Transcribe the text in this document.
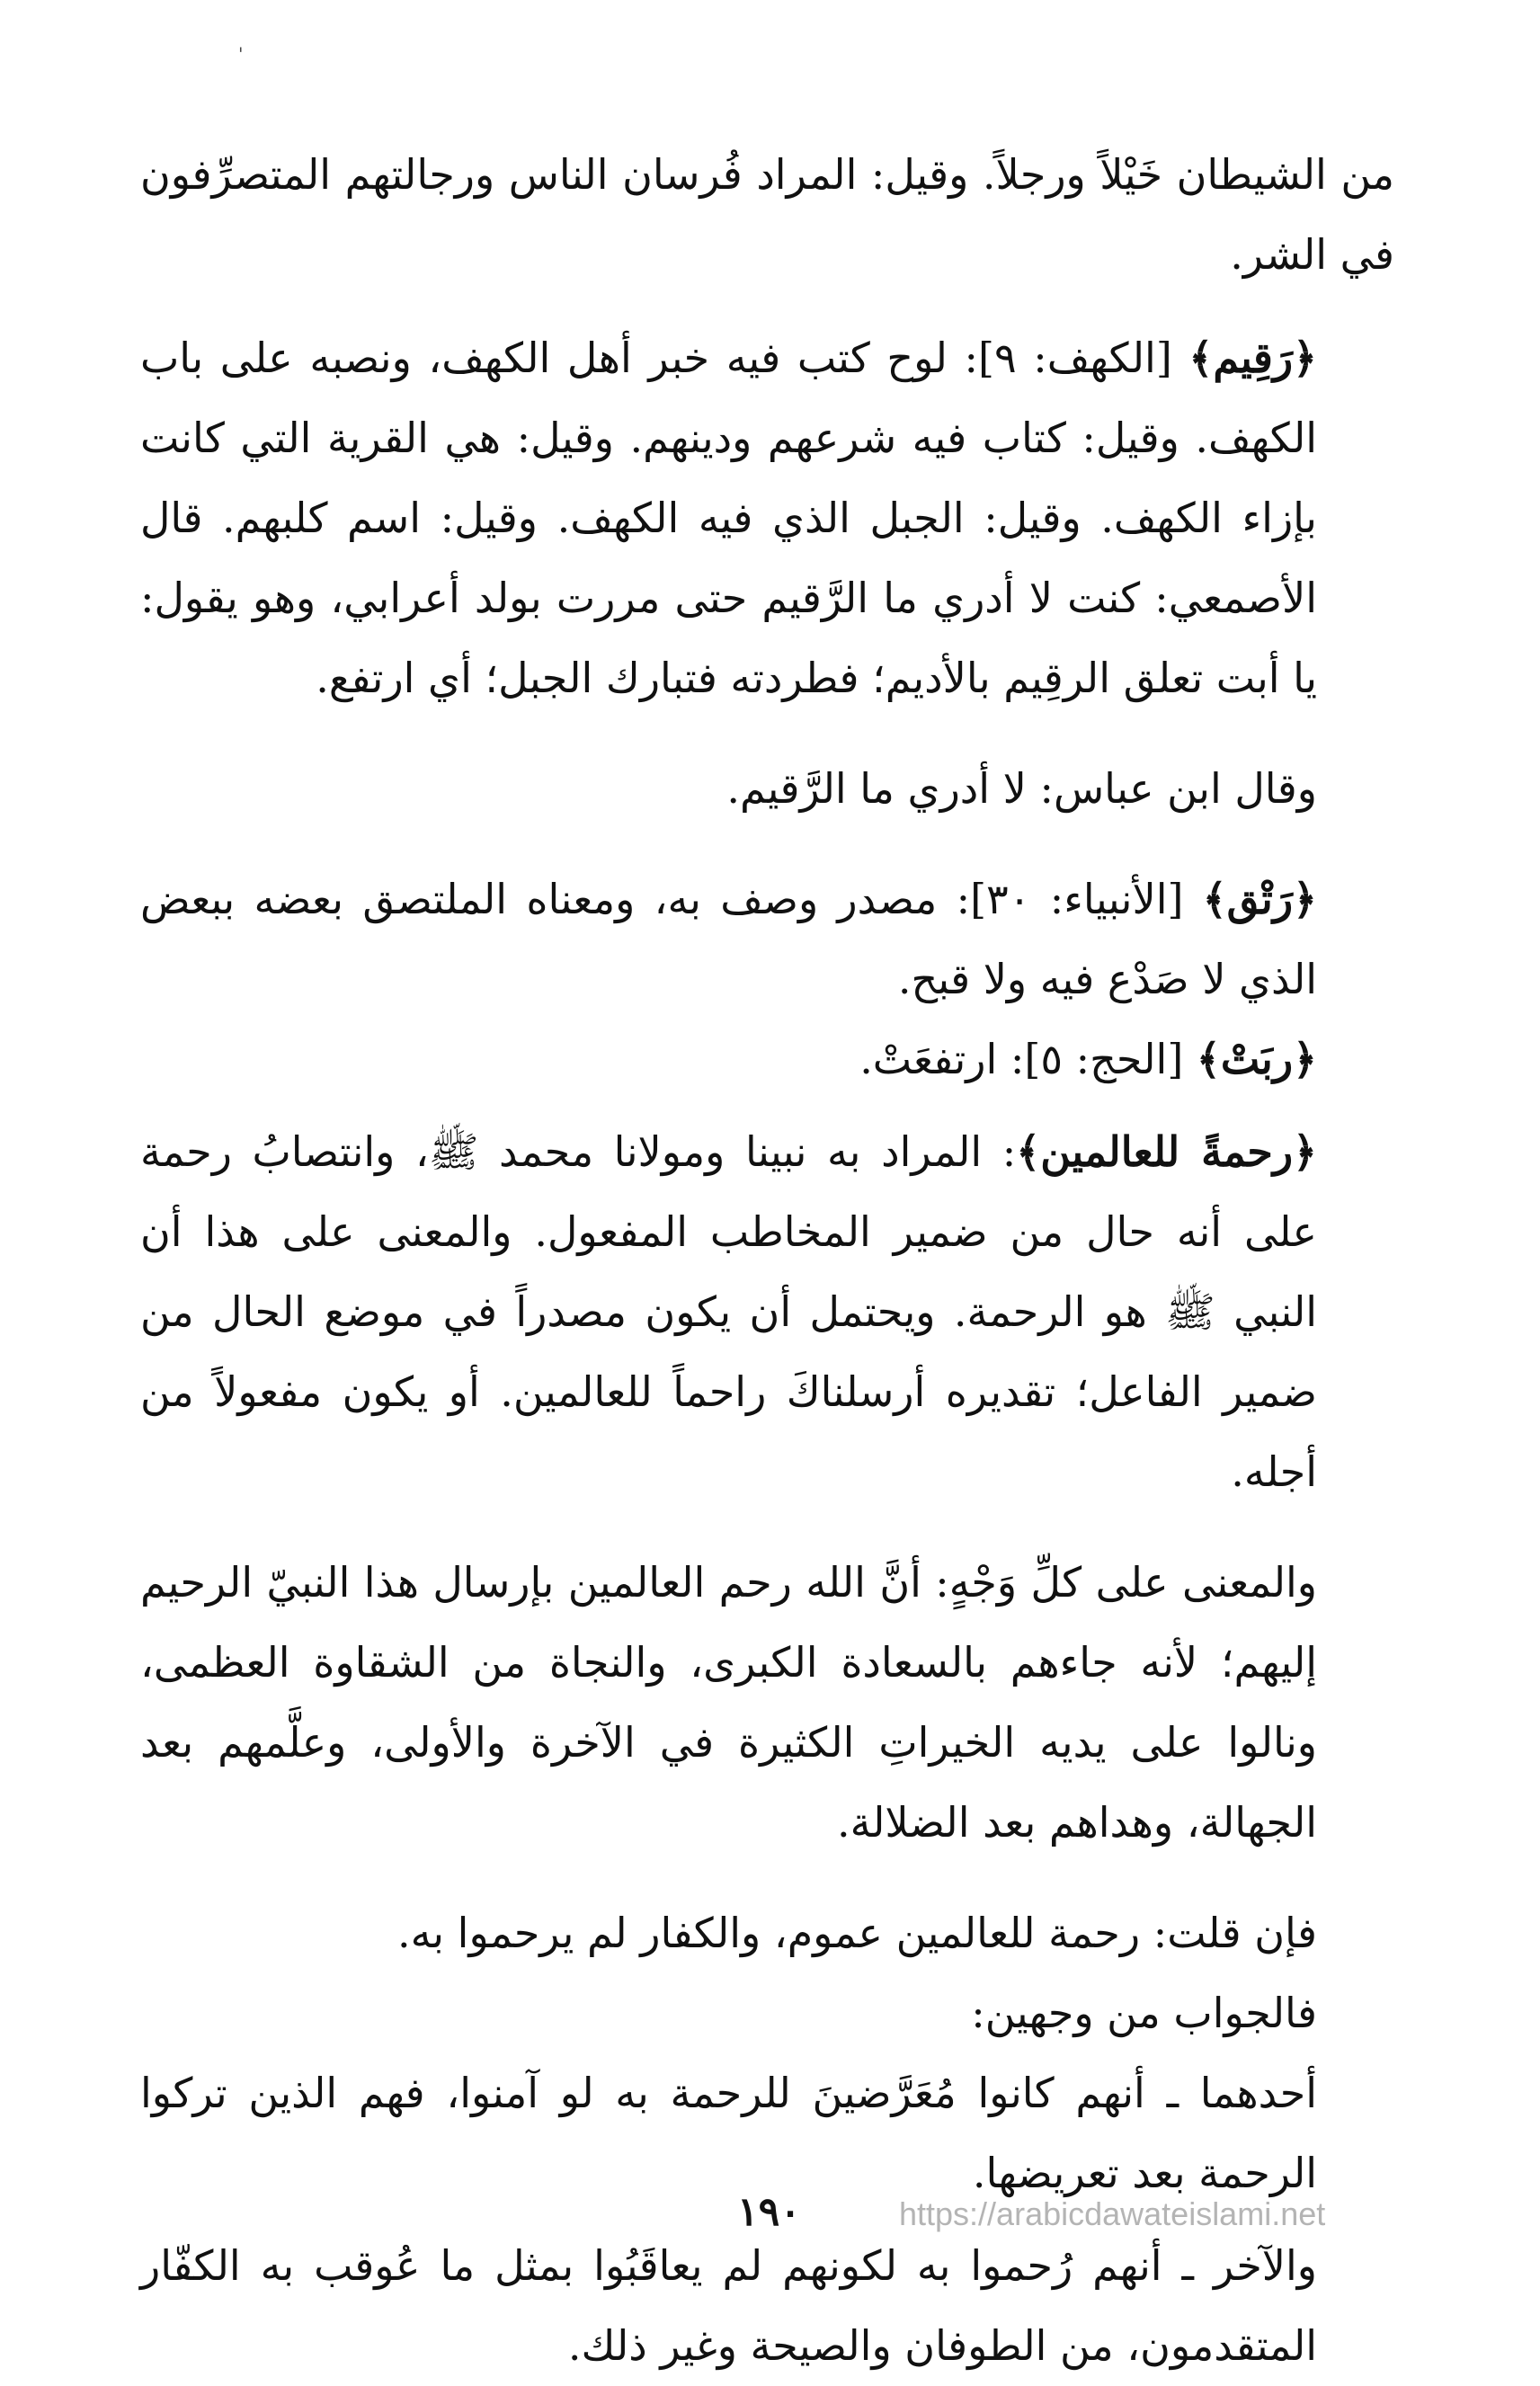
'

من الشيطان خَيْلاً ورجلاً. وقيل: المراد فُرسان الناس ورجالتهم المتصرِّفون في الشر.

﴿رَقِيم﴾ [الكهف: ٩]: لوح كتب فيه خبر أهل الكهف، ونصبه على باب الكهف. وقيل: كتاب فيه شرعهم ودينهم. وقيل: هي القرية التي كانت بإزاء الكهف. وقيل: الجبل الذي فيه الكهف. وقيل: اسم كلبهم. قال الأصمعي: كنت لا أدري ما الرَّقيم حتى مررت بولد أعرابي، وهو يقول: يا أبت تعلق الرقِيم بالأديم؛ فطردته فتبارك الجبل؛ أي ارتفع.

وقال ابن عباس: لا أدري ما الرَّقيم.

﴿رَتْق﴾ [الأنبياء: ٣٠]: مصدر وصف به، ومعناه الملتصق بعضه ببعض الذي لا صَدْع فيه ولا قبح.

﴿ربَتْ﴾ [الحج: ٥]: ارتفعَتْ.

﴿رحمةً للعالمين﴾: المراد به نبينا ومولانا محمد ﷺ، وانتصابُ رحمة على أنه حال من ضمير المخاطب المفعول. والمعنى على هذا أن النبي ﷺ هو الرحمة. ويحتمل أن يكون مصدراً في موضع الحال من ضمير الفاعل؛ تقديره أرسلناكَ راحماً للعالمين. أو يكون مفعولاً من أجله.

والمعنى على كلِّ وَجْهٍ: أنَّ الله رحم العالمين بإرسال هذا النبيّ الرحيم إليهم؛ لأنه جاءهم بالسعادة الكبرى، والنجاة من الشقاوة العظمى، ونالوا على يديه الخيراتِ الكثيرة في الآخرة والأولى، وعلَّمهم بعد الجهالة، وهداهم بعد الضلالة.

فإن قلت: رحمة للعالمين عموم، والكفار لم يرحموا به.

فالجواب من وجهين:

أحدهما ـ أنهم كانوا مُعَرَّضينَ للرحمة به لو آمنوا، فهم الذين تركوا الرحمة بعد تعريضها.

والآخر ـ أنهم رُحموا به لكونهم لم يعاقَبُوا بمثل ما عُوقب به الكفّار المتقدمون، من الطوفان والصيحة وغير ذلك.

١٩٠	https://arabicdawateislami.net
